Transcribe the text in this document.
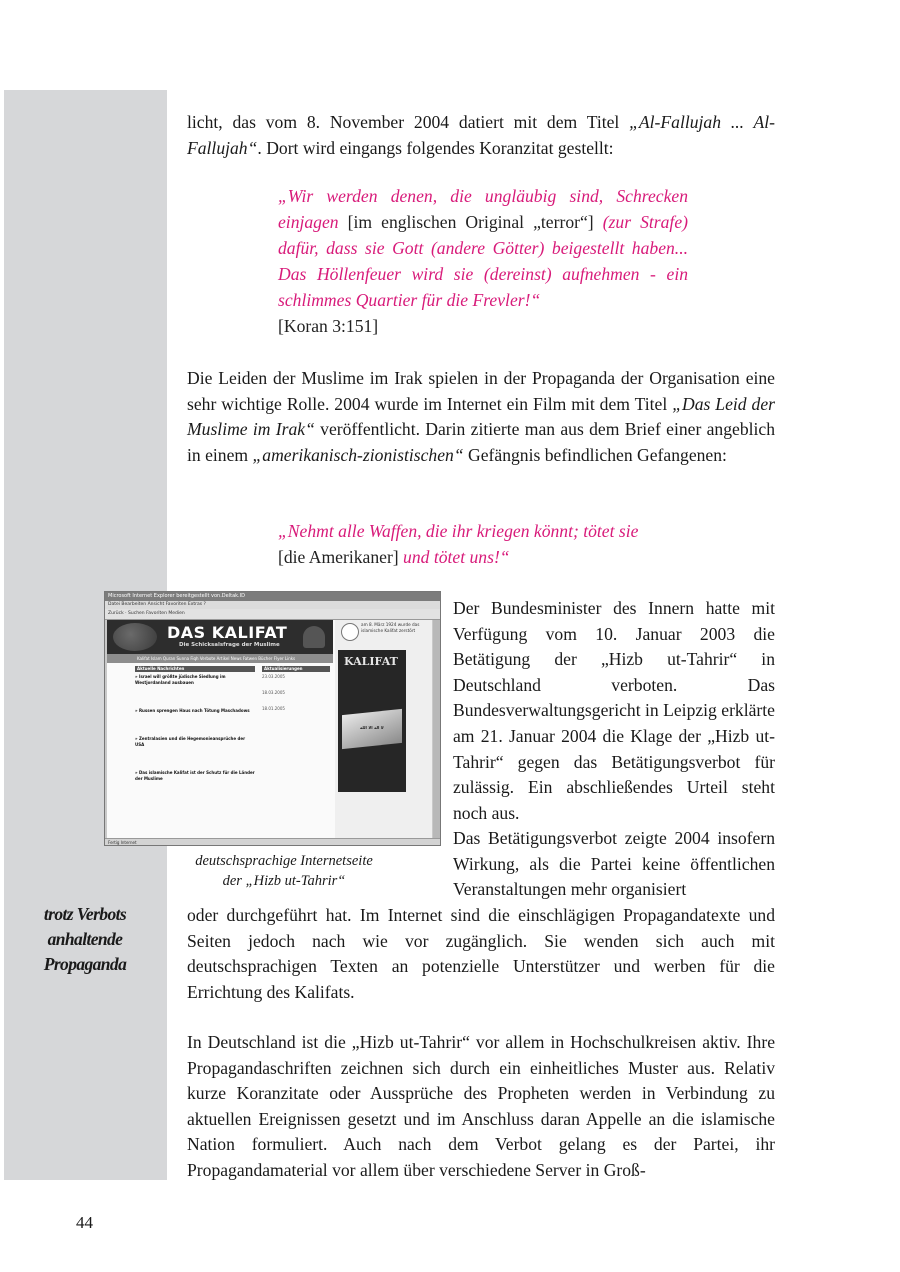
licht, das vom 8. November 2004 datiert mit dem Titel „Al-Fallujah ... Al-Fallujah“. Dort wird eingangs folgendes Koranzitat gestellt:

„Wir werden denen, die ungläubig sind, Schrecken einjagen [im englischen Original „terror“] (zur Strafe) dafür, dass sie Gott (andere Götter) beigestellt haben... Das Höllenfeuer wird sie (dereinst) aufnehmen - ein schlimmes Quartier für die Frevler!“
[Koran 3:151]

Die Leiden der Muslime im Irak spielen in der Propaganda der Organisation eine sehr wichtige Rolle. 2004 wurde im Internet ein Film mit dem Titel „Das Leid der Muslime im Irak“ veröffentlicht. Darin zitierte man aus dem Brief einer angeblich in einem „amerikanisch-zionistischen“ Gefängnis befindlichen Gefangenen:

„Nehmt alle Waffen, die ihr kriegen könnt; tötet sie
[die Amerikaner] und tötet uns!“

Microsoft Internet Explorer bereitgestellt von.Deltak.ID
Datei Bearbeiten Ansicht Favoriten Extras ?
Zurück · Suchen Favoriten Medien
DAS KALIFAT
Die Schicksalsfrage der Muslime
Kalifat Islam Quran Sunna Fiqh Verbote Artikel News Fatwen Bücher Flyer Links
Aktuelle Nachrichten
» Israel will größte jüdische Siedlung im Westjordanland ausbauen
» Russen sprengen Haus nach Tötung Maschadows
» Zentralasien und die Hegemonieansprüche der USA
» Das islamische Kalifat ist der Schutz für die Länder der Muslime
Aktualisierungen
23.03.2005
18.03.2005
18.01.2005
am 8. März 1924 wurde das islamische Kalifat zerstört
KALIFAT
لا اله الا الله
Fertig Internet

deutschsprachige Internetseite
der „Hizb ut-Tahrir“

Der Bundesminister des Innern hatte mit Verfügung vom 10. Januar 2003 die Betätigung der „Hizb ut-Tahrir“ in Deutschland verboten. Das Bundesverwaltungsgericht in Leipzig erklärte am 21. Januar 2004 die Klage der „Hizb ut-Tahrir“ gegen das Betätigungsverbot für zulässig. Ein abschließendes Urteil steht noch aus.

Das Betätigungsverbot zeigte 2004 insofern Wirkung, als die Partei keine öffentlichen Veranstaltungen mehr organisiert

oder durchgeführt hat. Im Internet sind die einschlägigen Propagandatexte und Seiten jedoch nach wie vor zugänglich. Sie wenden sich auch mit deutschsprachigen Texten an potenzielle Unterstützer und werben für die Errichtung des Kalifats.

trotz Verbots
anhaltende
Propaganda

In Deutschland ist die „Hizb ut-Tahrir“ vor allem in Hochschulkreisen aktiv. Ihre Propagandaschriften zeichnen sich durch ein einheitliches Muster aus. Relativ kurze Koranzitate oder Aussprüche des Propheten werden in Verbindung zu aktuellen Ereignissen gesetzt und im Anschluss daran Appelle an die islamische Nation formuliert. Auch nach dem Verbot gelang es der Partei, ihr Propagandamaterial vor allem über verschiedene Server in Groß-

44
